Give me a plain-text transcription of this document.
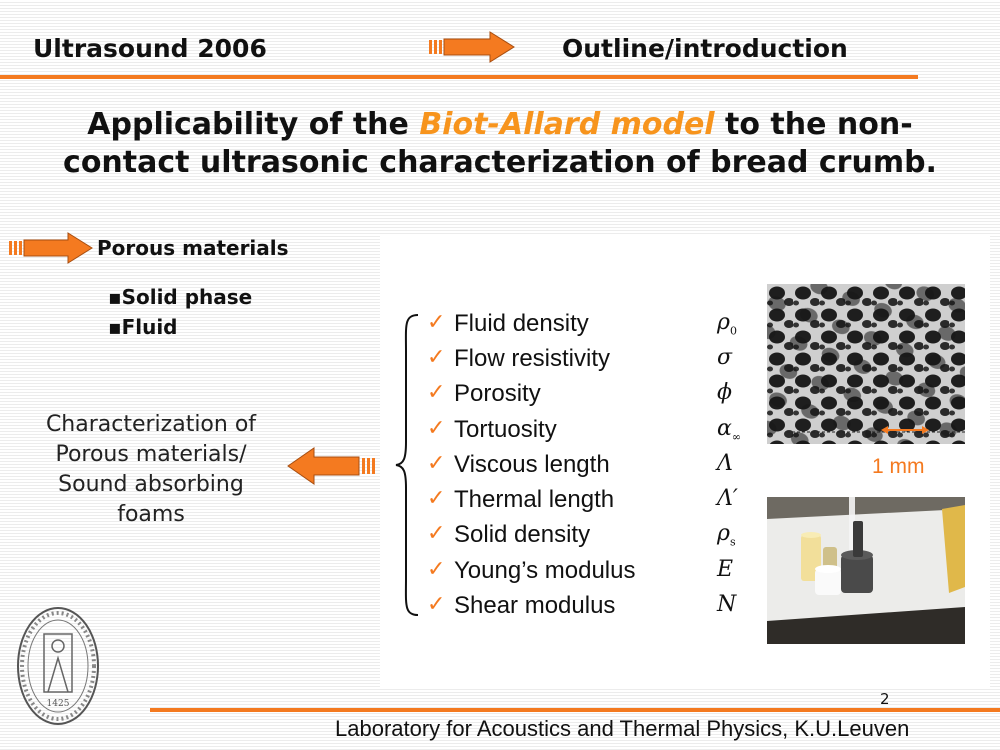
Ultrasound 2006	Outline/introduction
Applicability of the Biot-Allard model to the non-contact ultrasonic characterization of bread crumb.
Porous materials
▪Solid phase
▪Fluid	✓ Fluid density	$\rho_0$
✓ Flow resistivity	σ
✓ Porosity	ϕ
✓ Tortuosity	$\alpha_\infty$
✓ Viscous length	Λ
✓ Thermal length	Λ′
✓ Solid density	$\rho_s$
✓ Young’s modulus	E
✓ Shear modulus	N
Characterization of Porous materials/ Sound absorbing foams
1 mm
1425	2
Laboratory for Acoustics and Thermal Physics, K.U.Leuven
